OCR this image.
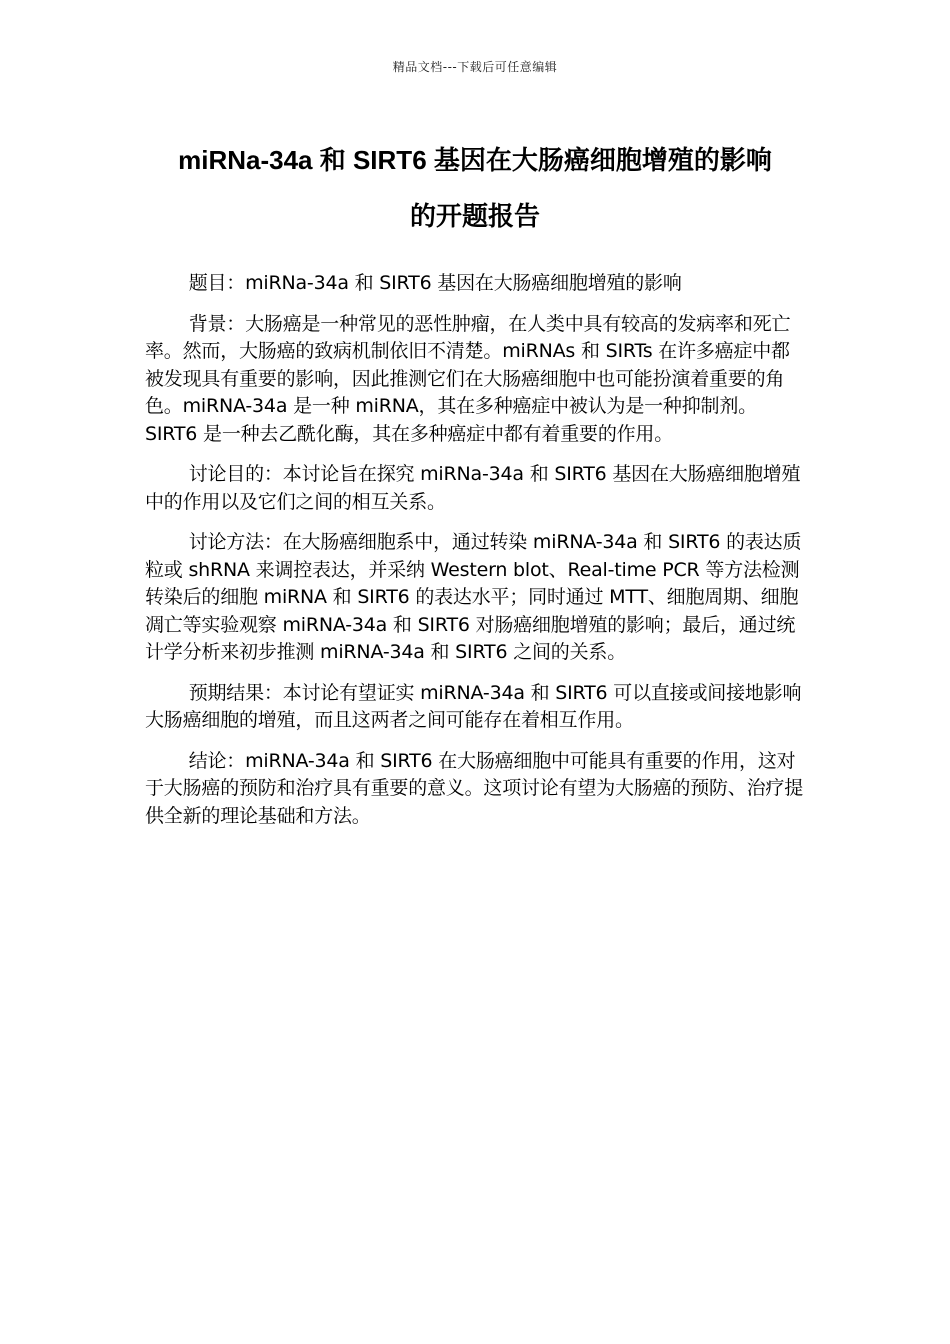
精品文档---下载后可任意编辑
miRNa-34a 和 SIRT6 基因在大肠癌细胞增殖的影响
的开题报告

题目：miRNa-34a 和 SIRT6 基因在大肠癌细胞增殖的影响

背景：大肠癌是一种常见的恶性肿瘤，在人类中具有较高的发病率和死亡率。然而，大肠癌的致病机制依旧不清楚。miRNAs 和 SIRTs 在许多癌症中都被发现具有重要的影响，因此推测它们在大肠癌细胞中也可能扮演着重要的角色。miRNA-34a 是一种 miRNA，其在多种癌症中被认为是一种抑制剂。SIRT6 是一种去乙酰化酶，其在多种癌症中都有着重要的作用。

讨论目的：本讨论旨在探究 miRNa-34a 和 SIRT6 基因在大肠癌细胞增殖中的作用以及它们之间的相互关系。

讨论方法：在大肠癌细胞系中，通过转染 miRNA-34a 和 SIRT6 的表达质粒或 shRNA 来调控表达，并采纳 Western blot、Real-time PCR 等方法检测转染后的细胞 miRNA 和 SIRT6 的表达水平；同时通过 MTT、细胞周期、细胞凋亡等实验观察 miRNA-34a 和 SIRT6 对肠癌细胞增殖的影响；最后，通过统计学分析来初步推测 miRNA-34a 和 SIRT6 之间的关系。

预期结果：本讨论有望证实 miRNA-34a 和 SIRT6 可以直接或间接地影响大肠癌细胞的增殖，而且这两者之间可能存在着相互作用。

结论：miRNA-34a 和 SIRT6 在大肠癌细胞中可能具有重要的作用，这对于大肠癌的预防和治疗具有重要的意义。这项讨论有望为大肠癌的预防、治疗提供全新的理论基础和方法。
